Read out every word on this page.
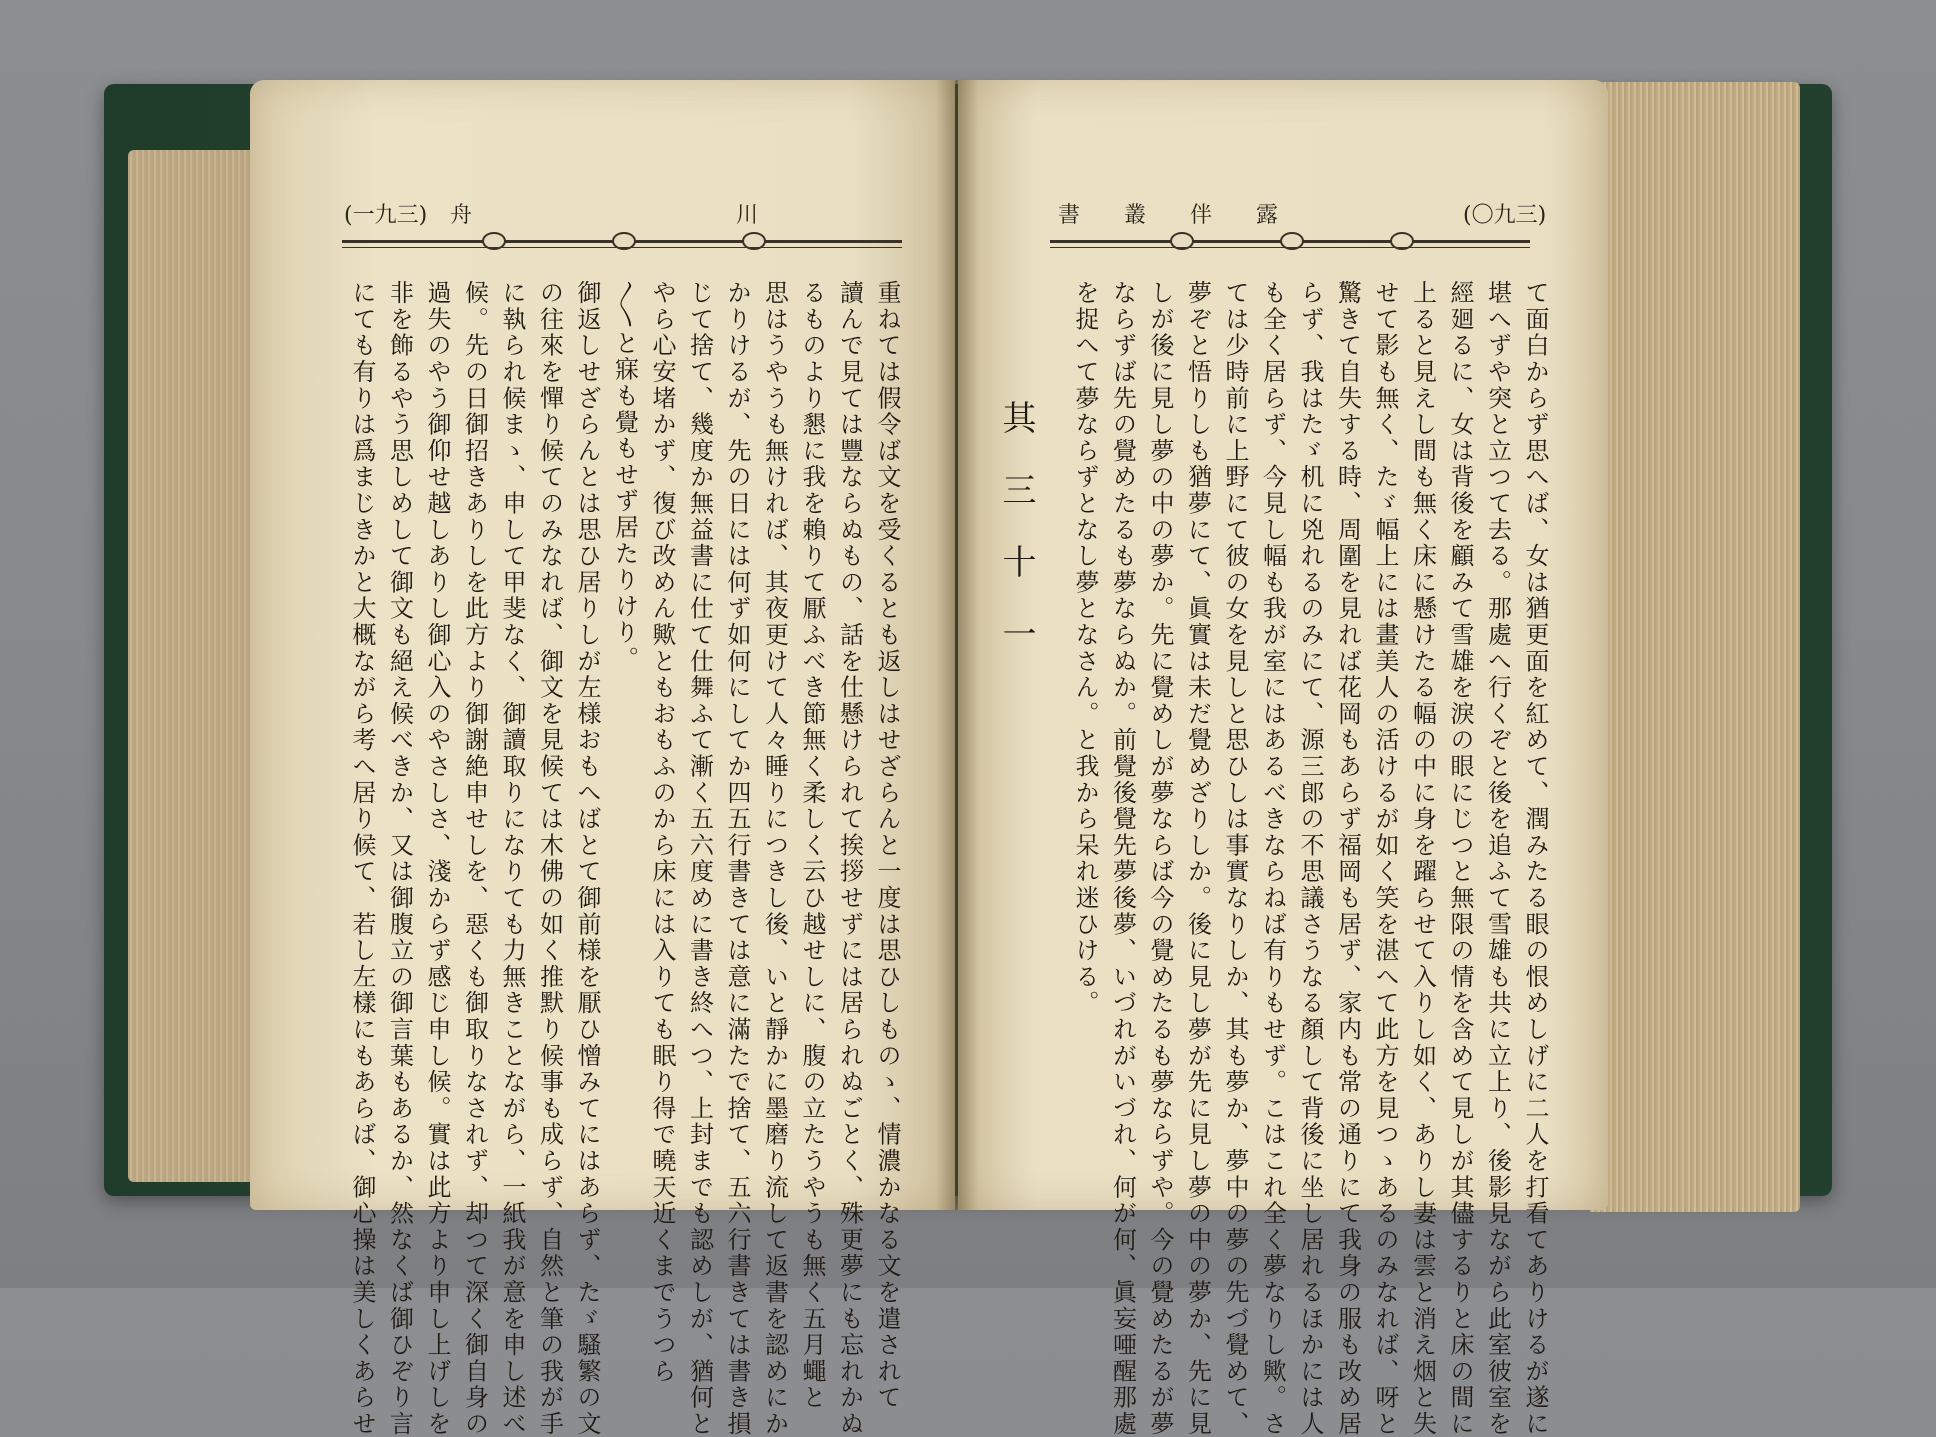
(一九三) 舟　　　　　　　　　　　　川
重ねては假令ば文を受くるとも返しはせざらんと一度は思ひしものゝ、情濃かなる文を遣されて
讀んで見ては豐ならぬもの、話を仕懸けられて挨拶せずには居られぬごとく、殊更夢にも忘れかぬ
るものより懇に我を賴りて厭ふべき節無く柔しく云ひ越せしに、腹の立たうやうも無く五月蠅と
思はうやうも無ければ、其夜更けて人々睡りにつきし後、いと靜かに墨磨り流して返書を認めにか
かりけるが、先の日には何ず如何にしてか四五行書きては意に滿たで捨て、五六行書きては書き損
じて捨て、幾度か無益書に仕て仕舞ふて漸く五六度めに書き終へつ、上封までも認めしが、猶何と
やら心安堵かず、復び改めん歟ともおもふのから床には入りても眠り得で曉天近くまでうつら
〳〵と寐も覺もせず居たりけり。
御返しせざらんとは思ひ居りしが左様おもへばとて御前様を厭ひ憎みてにはあらず、たゞ騷繁の文
の往來を憚り候てのみなれば、御文を見候ては木佛の如く推默り候事も成らず、自然と筆の我が手
に執られ候まゝ、申して甲斐なく、御讀取りになりても力無きことながら、一紙我が意を申し述べ
候。先の日御招きありしを此方より御謝絶申せしを、惡くも御取りなされず、却つて深く御自身の
過失のやう御仰せ越しありし御心入のやさしさ、淺からず感じ申し候。實は此方より申し上げしを
非を飾るやう思しめして御文も絕え候べきか、又は御腹立の御言葉もあるか、然なくば御ひぞり言
にても有りは爲まじきかと大概ながら考へ居り候て、若し左樣にもあらば、御心操は美しくあらせ
書　　叢　　伴　　露	(〇九三)
其三十一	て面白からず思へば、女は猶更面を紅めて、潤みたる眼の恨めしげに二人を打看てありけるが遂に
堪へずや突と立つて去る。那處へ行くぞと後を追ふて雪雄も共に立上り、後影見ながら此室彼室を
經廻るに、女は背後を顧みて雪雄を淚の眼にじつと無限の情を含めて見しが其儘するりと床の間に
上ると見えし間も無く床に懸けたる幅の中に身を躍らせて入りし如く、ありし妻は雲と消え烟と失
せて影も無く、たゞ幅上には畫美人の活けるが如く笑を湛へて此方を見つゝあるのみなれば、呀と
驚きて自失する時、周圍を見れば花岡もあらず福岡も居ず、家内も常の通りにて我身の服も改め居
らず、我はたゞ机に兇れるのみにて、源三郎の不思議さうなる顏して背後に坐し居れるほかには人
も全く居らず、今見し幅も我が室にはあるべきならねば有りもせず。こはこれ全く夢なりし歟。さ
ては少時前に上野にて彼の女を見しと思ひしは事實なりしか、其も夢か、夢中の夢の先づ覺めて、
夢ぞと悟りしも猶夢にて、眞實は未だ覺めざりしか。後に見し夢が先に見し夢の中の夢か、先に見
しが後に見し夢の中の夢か。先に覺めしが夢ならば今の覺めたるも夢ならずや。今の覺めたるが夢
ならずば先の覺めたるも夢ならぬか。前覺後覺先夢後夢、いづれがいづれ、何が何、眞妄唖醒那處
を捉へて夢ならずとなし夢となさん。と我から呆れ迷ひける。
